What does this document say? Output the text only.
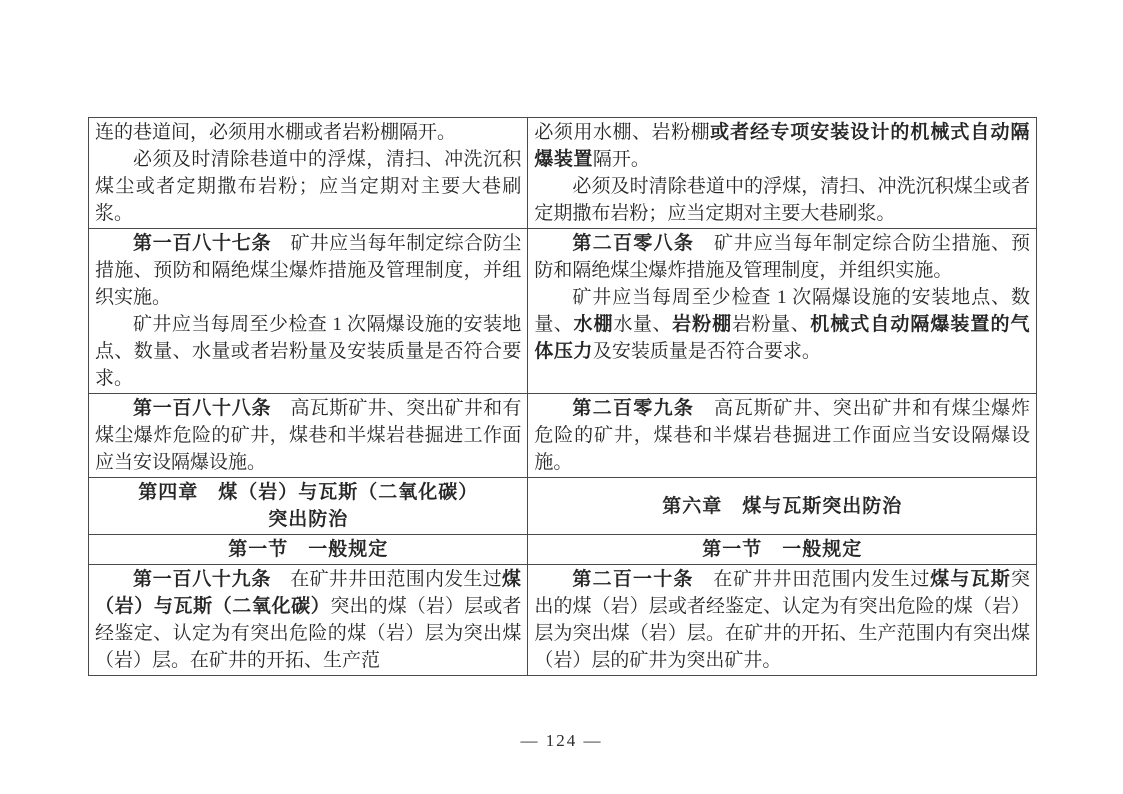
连的巷道间，必须用水棚或者岩粉棚隔开。
必须及时清除巷道中的浮煤，清扫、冲洗沉积煤尘或者定期撒布岩粉；应当定期对主要大巷刷浆。
必须用水棚、岩粉棚或者经专项安装设计的机械式自动隔爆装置隔开。
必须及时清除巷道中的浮煤，清扫、冲洗沉积煤尘或者定期撒布岩粉；应当定期对主要大巷刷浆。
第一百八十七条　矿井应当每年制定综合防尘措施、预防和隔绝煤尘爆炸措施及管理制度，并组织实施。
矿井应当每周至少检查 1 次隔爆设施的安装地点、数量、水量或者岩粉量及安装质量是否符合要求。
第二百零八条　矿井应当每年制定综合防尘措施、预防和隔绝煤尘爆炸措施及管理制度，并组织实施。
矿井应当每周至少检查 1 次隔爆设施的安装地点、数量、水棚水量、岩粉棚岩粉量、机械式自动隔爆装置的气体压力及安装质量是否符合要求。
第一百八十八条　高瓦斯矿井、突出矿井和有煤尘爆炸危险的矿井，煤巷和半煤岩巷掘进工作面应当安设隔爆设施。
第二百零九条　高瓦斯矿井、突出矿井和有煤尘爆炸危险的矿井，煤巷和半煤岩巷掘进工作面应当安设隔爆设施。
第四章　煤（岩）与瓦斯（二氧化碳）
突出防治
第六章　煤与瓦斯突出防治
第一节　一般规定	第一节　一般规定
第一百八十九条　在矿井井田范围内发生过煤（岩）与瓦斯（二氧化碳）突出的煤（岩）层或者经鉴定、认定为有突出危险的煤（岩）层为突出煤（岩）层。在矿井的开拓、生产范
第二百一十条　在矿井井田范围内发生过煤与瓦斯突出的煤（岩）层或者经鉴定、认定为有突出危险的煤（岩）层为突出煤（岩）层。在矿井的开拓、生产范围内有突出煤（岩）层的矿井为突出矿井。
— 124 —
